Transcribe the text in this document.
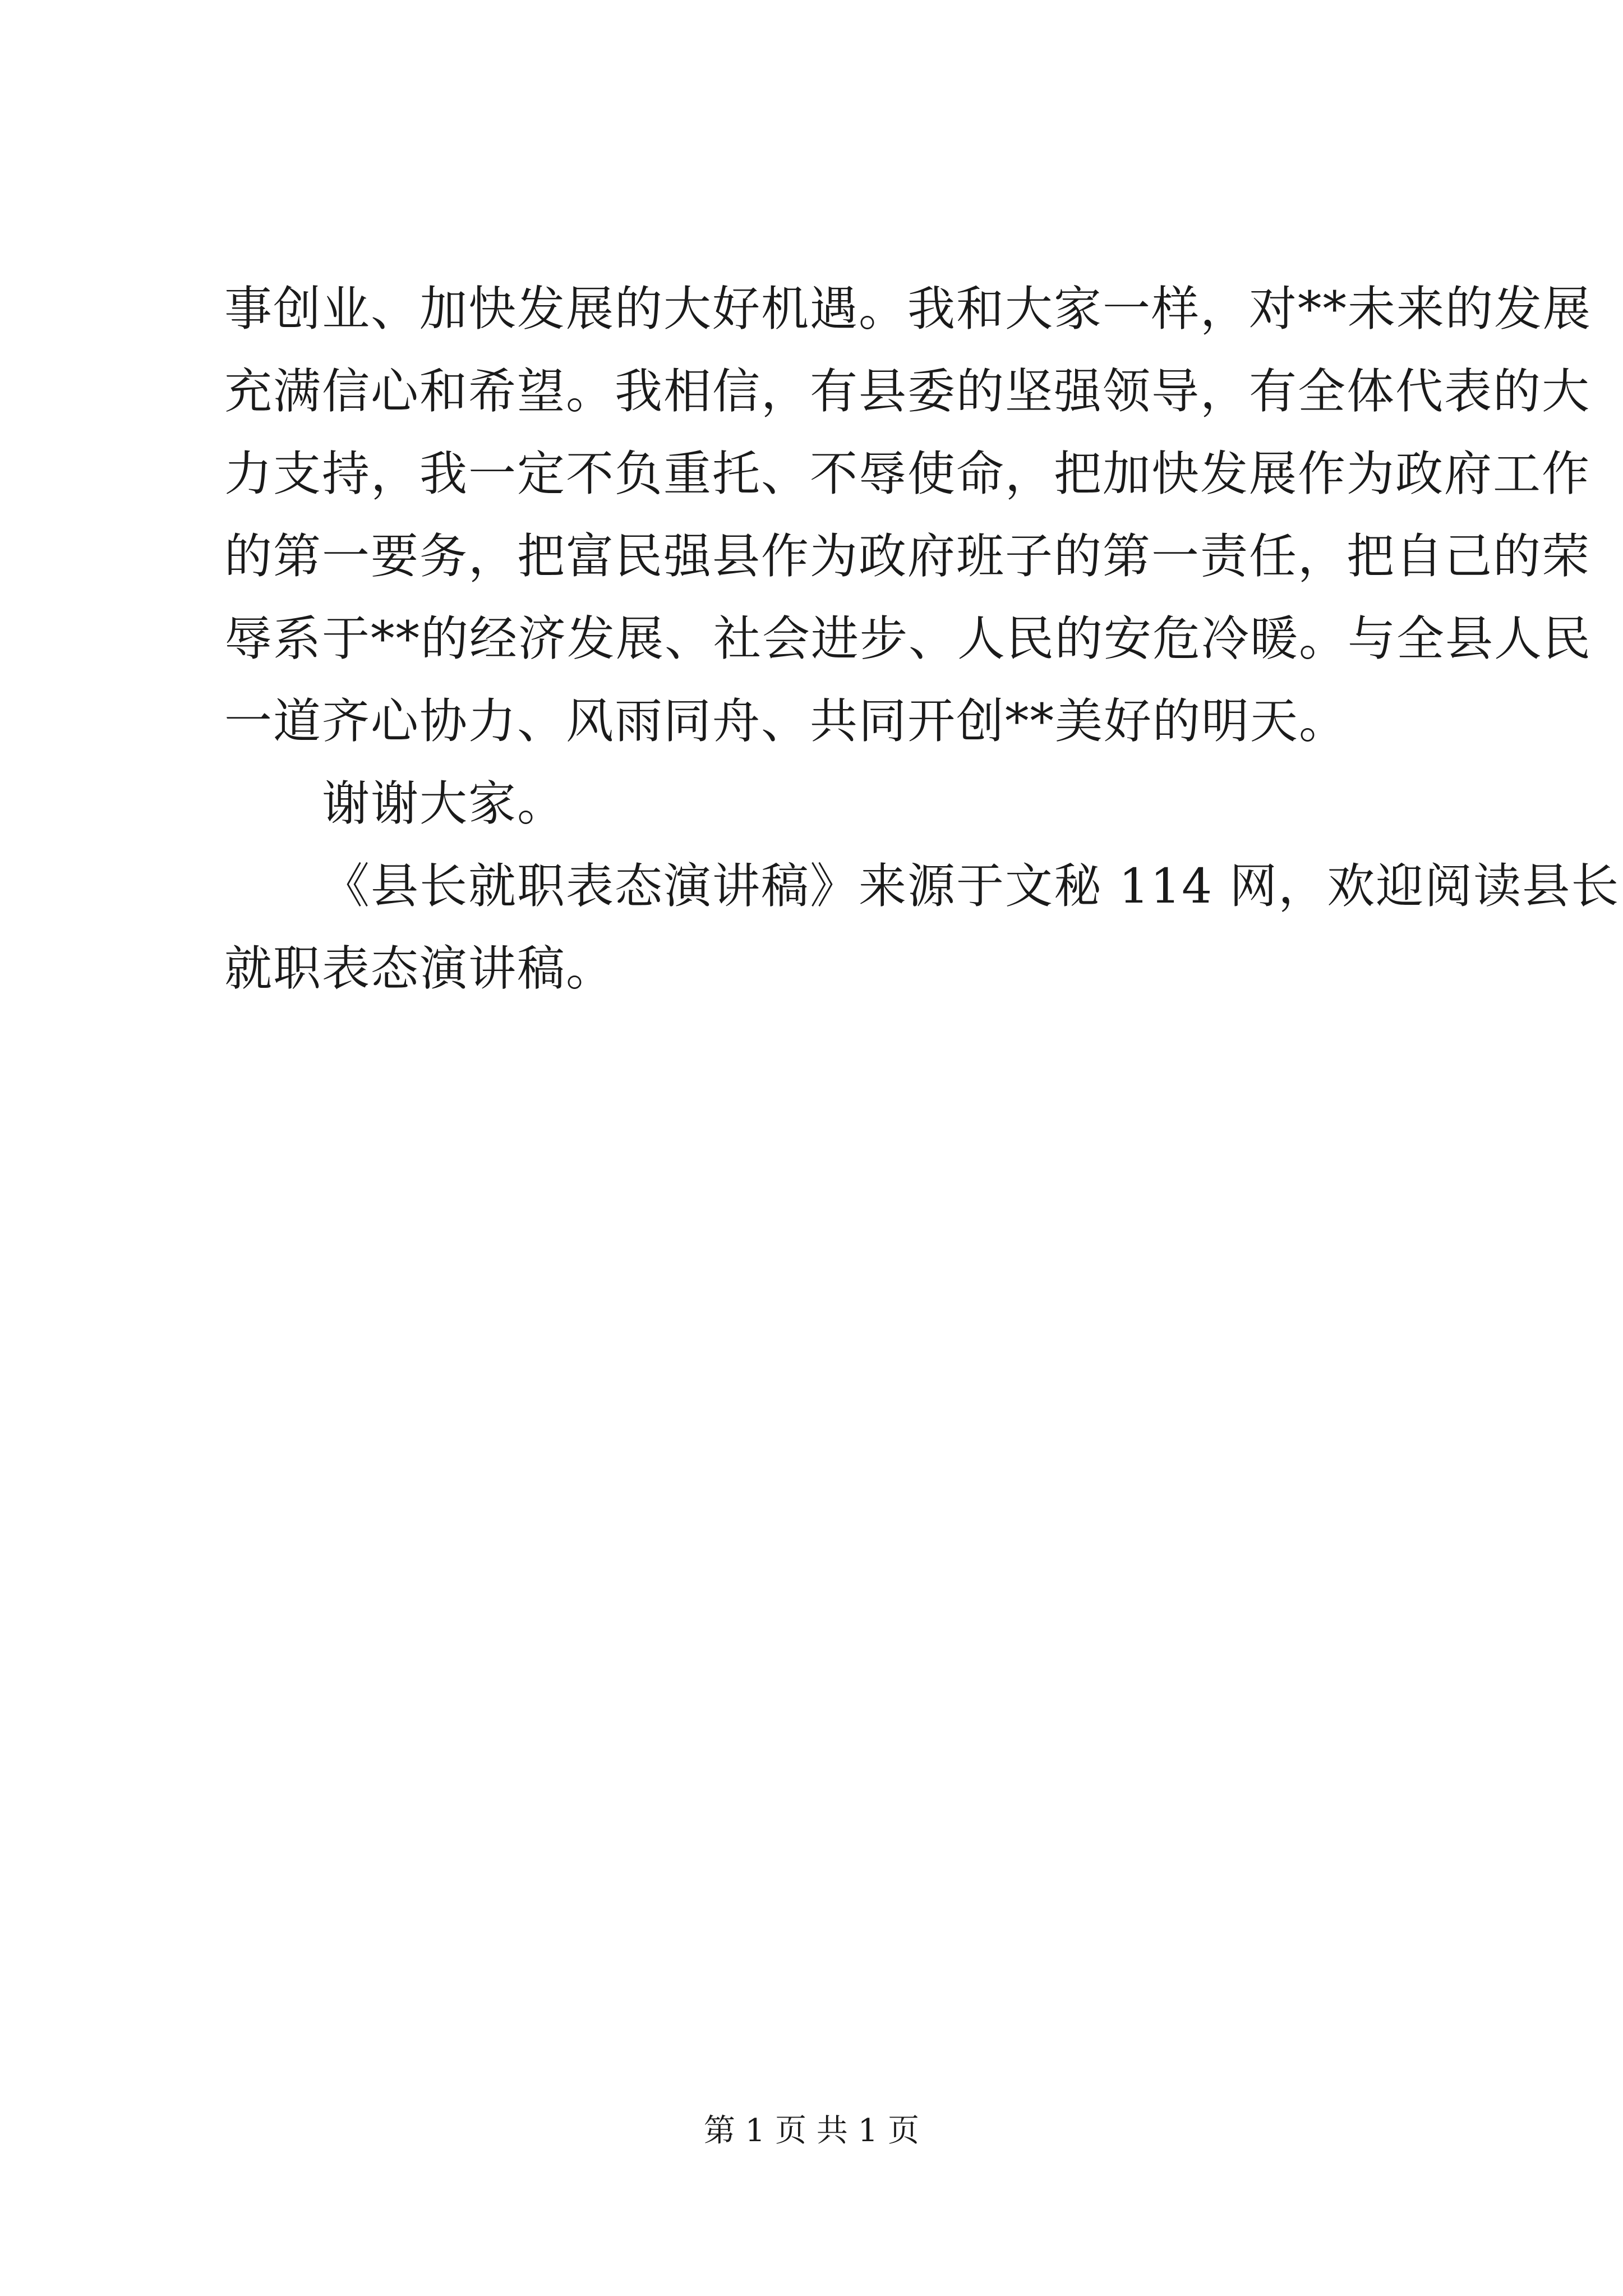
事创业、加快发展的大好机遇。我和大家一样，对**未来的发展
充满信心和希望。我相信，有县委的坚强领导，有全体代表的大
力支持，我一定不负重托、不辱使命，把加快发展作为政府工作
的第一要务，把富民强县作为政府班子的第一责任，把自己的荣
辱系于**的经济发展、社会进步、人民的安危冷暖。与全县人民
一道齐心协力、风雨同舟、共同开创**美好的明天。
谢谢大家。
《县长就职表态演讲稿》来源于文秘 114 网，欢迎阅读县长
就职表态演讲稿。
第 1 页 共 1 页
